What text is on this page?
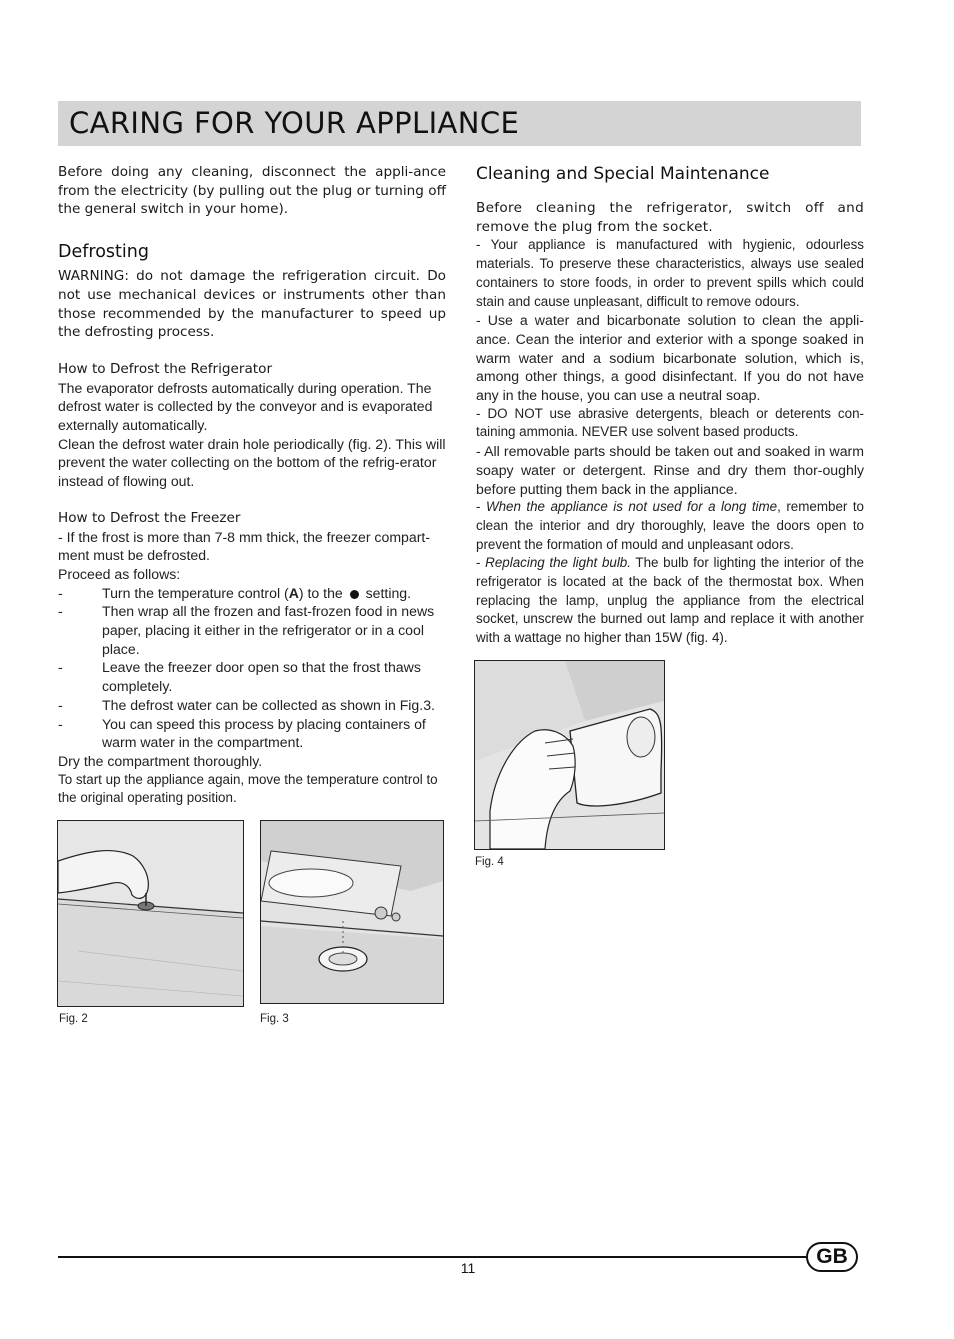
CARING FOR YOUR APPLIANCE

Before doing any cleaning, disconnect the appli-ance from the electricity (by pulling out the plug or turning off the general switch in your home).

Defrosting

WARNING: do not damage the refrigeration circuit. Do not use mechanical devices or instruments other than those recommended by the manufacturer to speed up the defrosting process.

How to Defrost the Refrigerator

The evaporator defrosts automatically during operation. The defrost water is collected by the conveyor and is evaporated externally automatically.

Clean the defrost water drain hole periodically (fig. 2). This will prevent the water collecting on the bottom of the refrig-erator instead of flowing out.

How to Defrost the Freezer

- If the frost is more than 7-8 mm thick, the freezer compart-ment must be defrosted.

Proceed as follows:

-	Turn the temperature control (A) to the setting.
-	Then wrap all the frozen and fast-frozen food in news paper, placing it either in the refrigerator or in a cool place.
-	Leave the freezer door open so that the frost thaws completely.
-	The defrost water can be collected as shown in Fig.3.
-	You can speed this process by placing containers of warm water in the compartment.

Dry the compartment thoroughly.

To start up the appliance again, move the temperature control to the original operating position.

Cleaning and Special Maintenance

Before cleaning the refrigerator, switch off and remove the plug from the socket.

- Your appliance is manufactured with hygienic, odourless materials. To preserve these characteristics, always use sealed containers to store foods, in order to prevent spills which could stain and cause unpleasant, difficult to remove odours.

- Use a water and bicarbonate solution to clean the appli-ance. Cean the interior and exterior with a sponge soaked in warm water and a sodium bicarbonate solution, which is, among other things, a good disinfectant. If you do not have any in the house, you can use a neutral soap.

- DO NOT use abrasive detergents, bleach or deterents con-taining ammonia. NEVER use solvent based products.

- All removable parts should be taken out and soaked in warm soapy water or detergent. Rinse and dry them thor-oughly before putting them back in the appliance.

- When the appliance is not used for a long time, remember to clean the interior and dry thoroughly, leave the doors open to prevent the formation of mould and unpleasant odors.

- Replacing the light bulb. The bulb for lighting the interior of the refrigerator is located at the back of the thermostat box. When replacing the lamp, unplug the appliance from the electrical socket, unscrew the burned out lamp and replace it with another with a wattage no higher than 15W (fig. 4).

Fig. 2	Fig. 3
Fig. 4
11	GB
